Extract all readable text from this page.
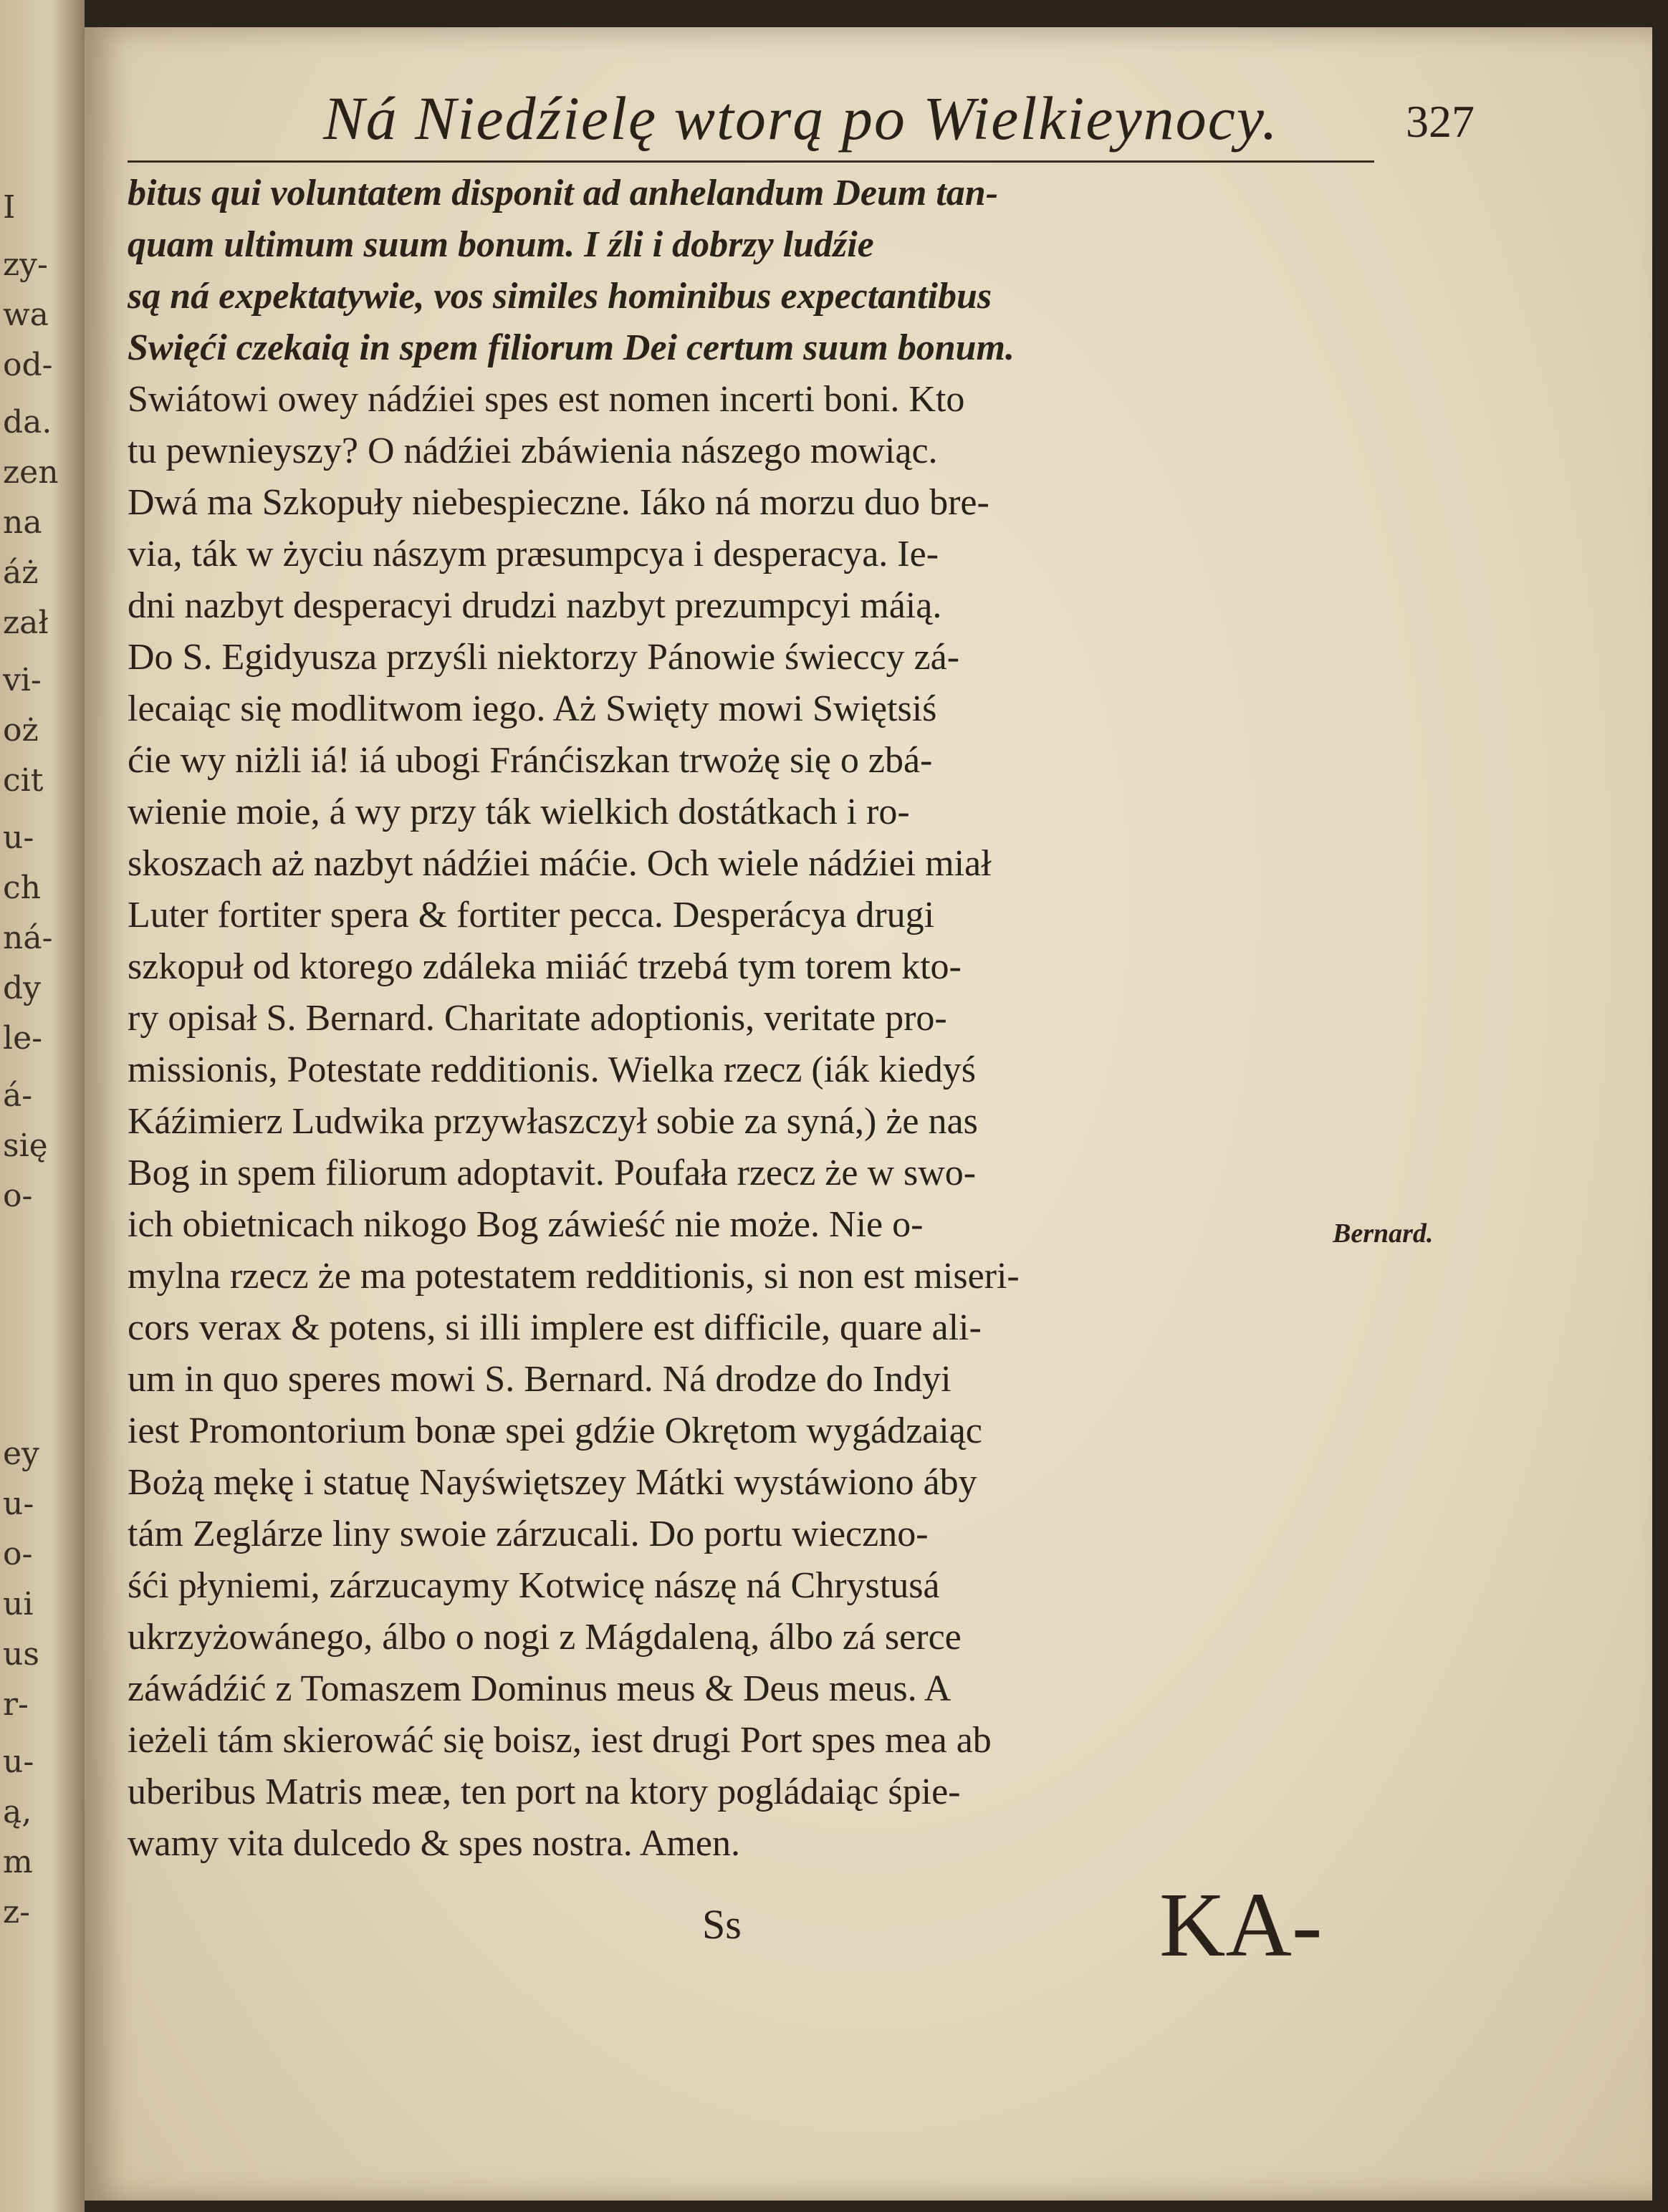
I
zy-
wa
od-
da.
zen
na
áż
zał
vi-
oż
cit
u-
ch
ná-
dy
le-
á-
się
o-
ey
u-
o-
ui
us
r-
u-
ą,
m
z-
Ná Niedźielę wtorą po Wielkieynocy.	327
bitus qui voluntatem disponit ad anhelandum Deum tan-
quam ultimum suum bonum. I źli i dobrzy ludźie
są ná expektatywie, vos similes hominibus expectantibus
Swięći czekaią in spem filiorum Dei certum suum bonum.
Swiátowi owey nádźiei spes est nomen incerti boni. Kto
tu pewnieyszy? O nádźiei zbáwienia nászego mowiąc.
Dwá ma Szkopuły niebespieczne. Iáko ná morzu duo bre-
via, ták w życiu nászym præsumpcya i desperacya. Ie-
dni nazbyt desperacyi drudzi nazbyt prezumpcyi máią.
Do S. Egidyusza przyśli niektorzy Pánowie świeccy zá-
lecaiąc się modlitwom iego. Aż Swięty mowi Swiętsiś
ćie wy niżli iá! iá ubogi Fránćiszkan trwożę się o zbá-
wienie moie, á wy przy ták wielkich dostátkach i ro-
skoszach aż nazbyt nádźiei máćie. Och wiele nádźiei miał
Luter fortiter spera & fortiter pecca. Desperácya drugi
szkopuł od ktorego zdáleka miiáć trzebá tym torem kto-
ry opisał S. Bernard. Charitate adoptionis, veritate pro-
missionis, Potestate redditionis. Wielka rzecz (iák kiedyś
Káźimierz Ludwika przywłaszczył sobie za syná,) że nas
Bog in spem filiorum adoptavit. Poufała rzecz że w swo-
ich obietnicach nikogo Bog záwieść nie może. Nie o-
mylna rzecz że ma potestatem redditionis, si non est miseri-
cors verax & potens, si illi implere est difficile, quare ali-
um in quo speres mowi S. Bernard. Ná drodze do Indyi
iest Promontorium bonæ spei gdźie Okrętom wygádzaiąc
Bożą mękę i statuę Nayświętszey Mátki wystáwiono áby
tám Zeglárze liny swoie zárzucali. Do portu wieczno-
śći płyniemi, zárzucaymy Kotwicę nászę ná Chrystusá
ukrzyżowánego, álbo o nogi z Mágdaleną, álbo zá serce
záwádźić z Tomaszem Dominus meus & Deus meus. A
ieżeli tám skierowáć się boisz, iest drugi Port spes mea ab
uberibus Matris meæ, ten port na ktory pogládaiąc śpie-
wamy vita dulcedo & spes nostra. Amen.
Bernard.
Ss	KA-
